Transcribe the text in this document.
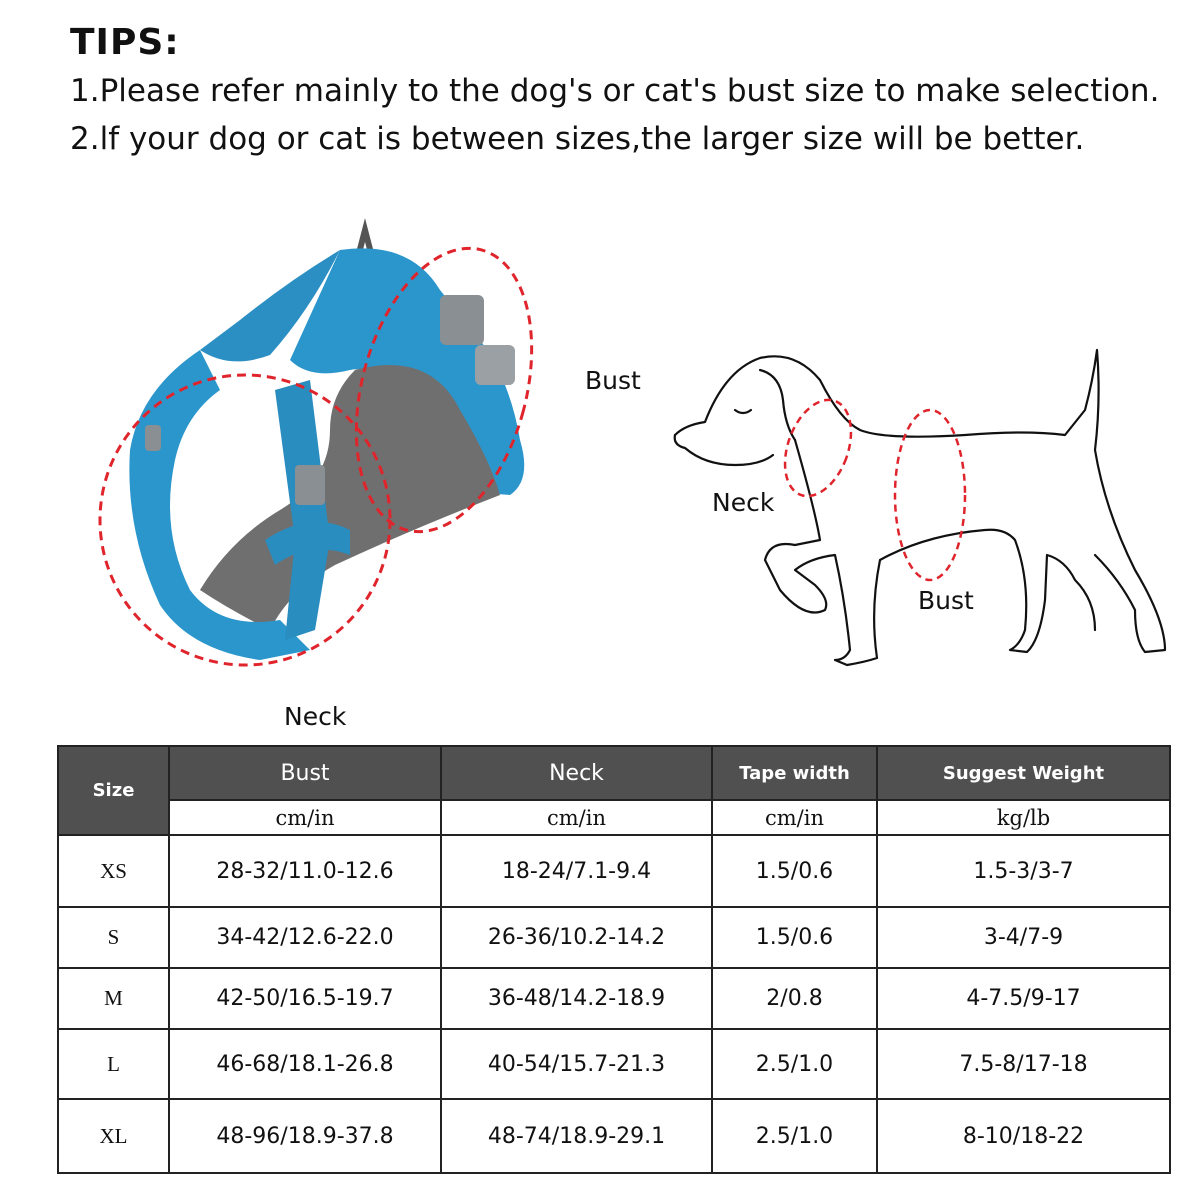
TIPS:
1.Please refer mainly to the dog's or cat's bust size to make selection.
2.lf your dog or cat is between sizes,the larger size will be better.
Bust
Neck
Neck
Bust
Size	Bust	Neck	Tape width	Suggest Weight
	cm/in	cm/in	cm/in	kg/lb
XS	28-32/11.0-12.6	18-24/7.1-9.4	1.5/0.6	1.5-3/3-7
S	34-42/12.6-22.0	26-36/10.2-14.2	1.5/0.6	3-4/7-9
M	42-50/16.5-19.7	36-48/14.2-18.9	2/0.8	4-7.5/9-17
L	46-68/18.1-26.8	40-54/15.7-21.3	2.5/1.0	7.5-8/17-18
XL	48-96/18.9-37.8	48-74/18.9-29.1	2.5/1.0	8-10/18-22
